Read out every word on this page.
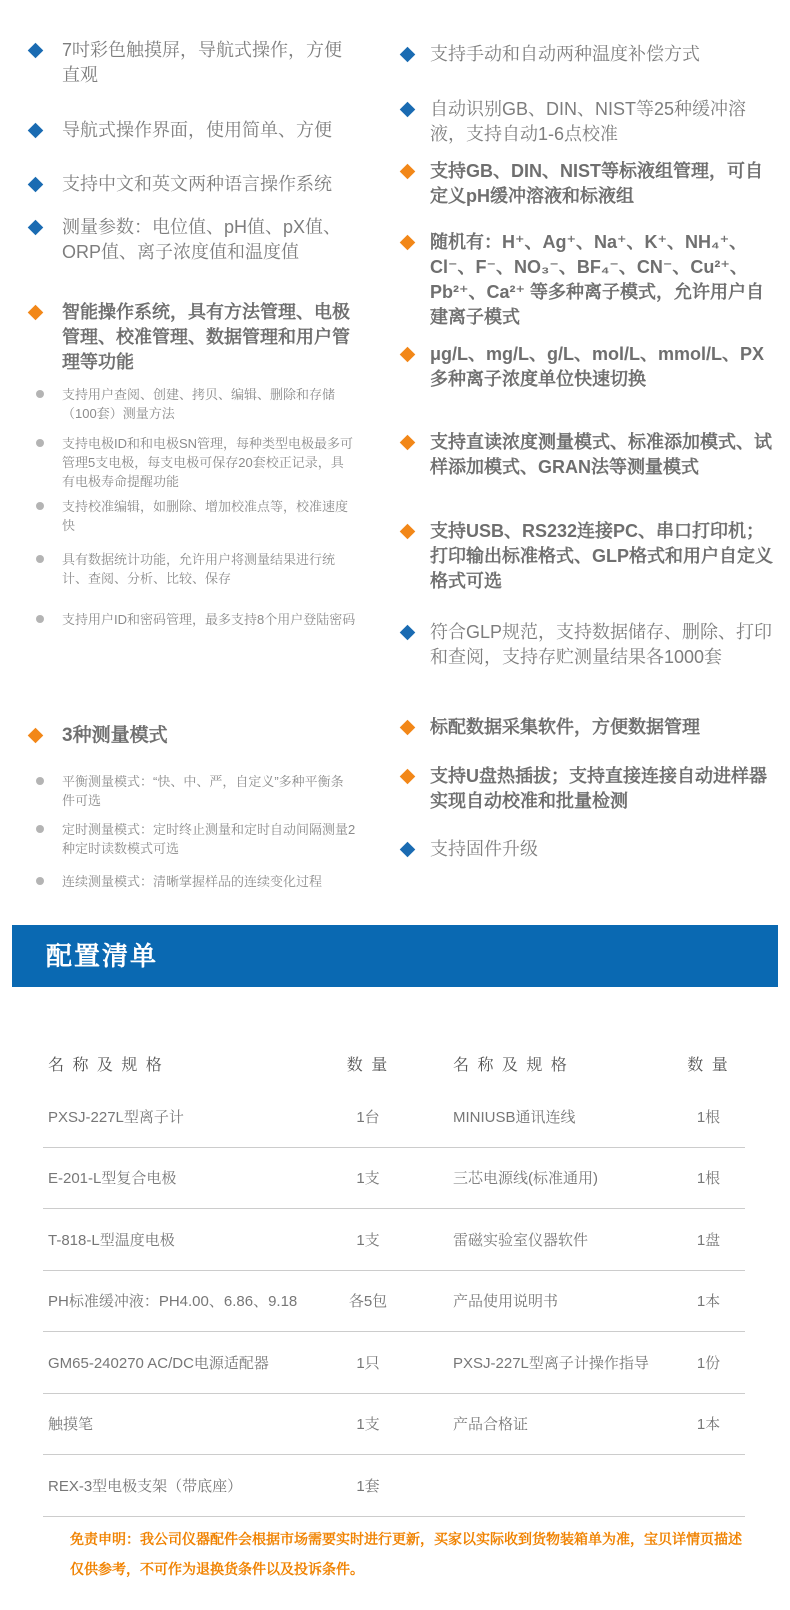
7吋彩色触摸屏，导航式操作，方便直观
导航式操作界面，使用简单、方便
支持中文和英文两种语言操作系统
测量参数：电位值、pH值、pX值、ORP值、离子浓度值和温度值
智能操作系统，具有方法管理、电极管理、校准管理、数据管理和用户管理等功能
支持用户查阅、创建、拷贝、编辑、删除和存储（100套）测量方法
支持电极ID和和电极SN管理，每种类型电极最多可管理5支电极，每支电极可保存20套校正记录，具有电极寿命提醒功能
支持校准编辑，如删除、增加校准点等，校准速度快
具有数据统计功能，允许用户将测量结果进行统计、查阅、分析、比较、保存
支持用户ID和密码管理，最多支持8个用户登陆密码
3种测量模式
平衡测量模式：“快、中、严，自定义”多种平衡条件可选
定时测量模式：定时终止测量和定时自动间隔测量2种定时读数模式可选
连续测量模式：清晰掌握样品的连续变化过程
支持手动和自动两种温度补偿方式
自动识别GB、DIN、NIST等25种缓冲溶液，支持自动1-6点校准
支持GB、DIN、NIST等标液组管理，可自定义pH缓冲溶液和标液组
随机有：H⁺、Ag⁺、Na⁺、K⁺、NH₄⁺、Cl⁻、F⁻、NO₃⁻、BF₄⁻、CN⁻、Cu²⁺、Pb²⁺、Ca²⁺ 等多种离子模式，允许用户自建离子模式
μg/L、mg/L、g/L、mol/L、mmol/L、PX多种离子浓度单位快速切换
支持直读浓度测量模式、标准添加模式、试样添加模式、GRAN法等测量模式
支持USB、RS232连接PC、串口打印机；打印输出标准格式、GLP格式和用户自定义格式可选
符合GLP规范，支持数据储存、删除、打印和查阅，支持存贮测量结果各1000套
标配数据采集软件，方便数据管理
支持U盘热插拔；支持直接连接自动进样器实现自动校准和批量检测
支持固件升级
配置清单
名 称 及 规 格	数 量	名 称 及 规 格	数 量
PXSJ-227L型离子计	1台	MINIUSB通讯连线	1根
E-201-L型复合电极	1支	三芯电源线(标准通用)	1根
T-818-L型温度电极	1支	雷磁实验室仪器软件	1盘
PH标准缓冲液：PH4.00、6.86、9.18	各5包	产品使用说明书	1本
GM65-240270 AC/DC电源适配器	1只	PXSJ-227L型离子计操作指导	1份
触摸笔	1支	产品合格证	1本
REX-3型电极支架（带底座）	1套
免责申明：我公司仪器配件会根据市场需要实时进行更新，买家以实际收到货物装箱单为准，宝贝详情页描述仅供参考，不可作为退换货条件以及投诉条件。
